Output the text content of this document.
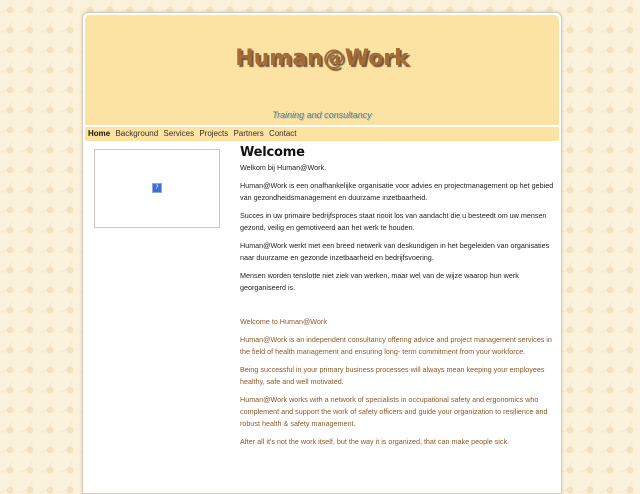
Human@Work
Training and consultancy
Home Background Services Projects Partners Contact
?
Welcome

Welkom bij Human@Work.

Human@Work is een onafhankelijke organisatie voor advies en projectmanagement op het gebied van gezondheidsmanagement en duurzame inzetbaarheid.

Succes in uw primaire bedrijfsproces staat nooit los van aandacht die u besteedt om uw mensen gezond, veilig en gemotiveerd aan het werk te houden.

Human@Work werkt met een breed netwerk van deskundigen in het begeleiden van organisaties naar duurzame en gezonde inzetbaarheid en bedrijfsvoering.

Mensen worden tenslotte niet ziek van werken, maar wel van de wijze waarop hun werk georganiseerd is.

Welcome to Human@Work

Human@Work is an independent consultancy offering advice and project management services in the field of health management and ensuring long- term commitment from your workforce.

Being successful in your primary business processes will always mean keeping your employees healthy, safe and well motivated.

Human@Work works with a network of specialists in occupational safety and ergonomics who complement and support the work of safety officers and guide your organization to resilience and robust health & safety management.

After all it's not the work itself, but the way it is organized, that can make people sick.
